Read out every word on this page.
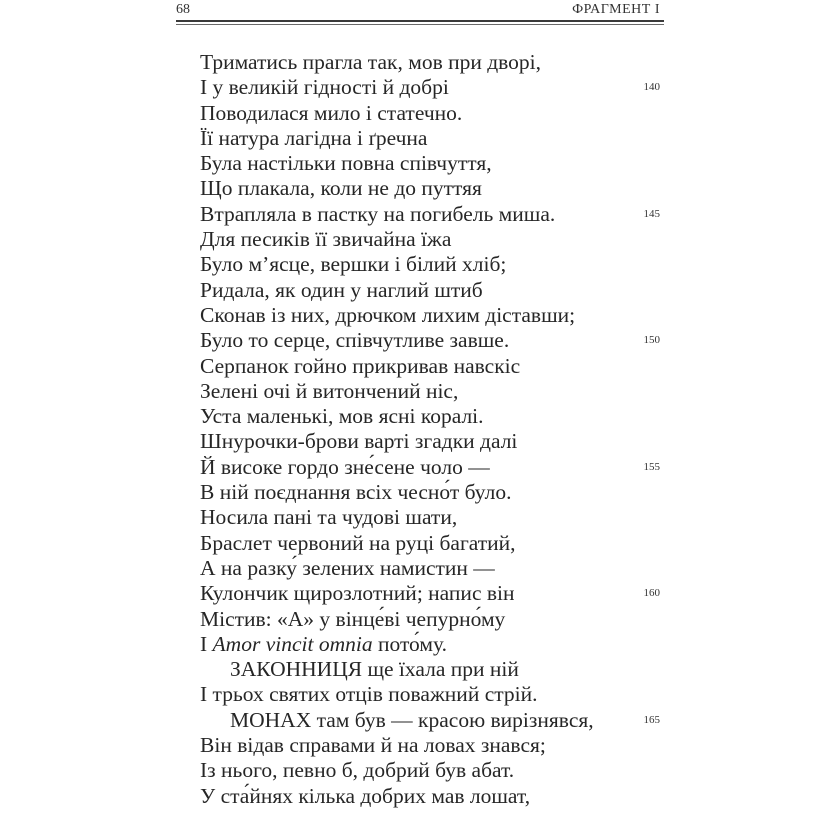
68	ФРАГМЕНТ І
Триматись прагла так, мов при дворі,
І у великій гідності й добрі	140
Поводилася мило і статечно.
Її натура лагідна і ґречна
Була настільки повна співчуття,
Що плакала, коли не до путтяя
Втрапляла в пастку на погибель миша.	145
Для песиків її звичайна їжа
Було м’ясце, вершки і білий хліб;
Ридала, як один у наглий штиб
Сконав із них, дрючком лихим діставши;
Було то серце, співчутливе завше.	150
Серпанок гойно прикривав навскіс
Зелені очі й витончений ніс,
Уста маленькі, мов ясні коралі.
Шнурочки-брови варті згадки далі
Й високе гордо зне́сене чоло —	155
В ній поєднання всіх чесно́т було.
Носила пані та чудові шати,
Браслет червоний на руці багатий,
А на разку́ зелених намистин —
Кулончик щирозлотний; напис він	160
Містив: «А» у вінце́ві чепурно́му
І Amor vincit omnia пото́му.
ЗАКОННИЦЯ ще їхала при ній
І трьох святих отців поважний стрій.
МОНАХ там був — красою вирізнявся,	165
Він відав справами й на ловах знався;
Із нього, певно б, добрий був абат.
У ста́йнях кілька добрих мав лошат,
